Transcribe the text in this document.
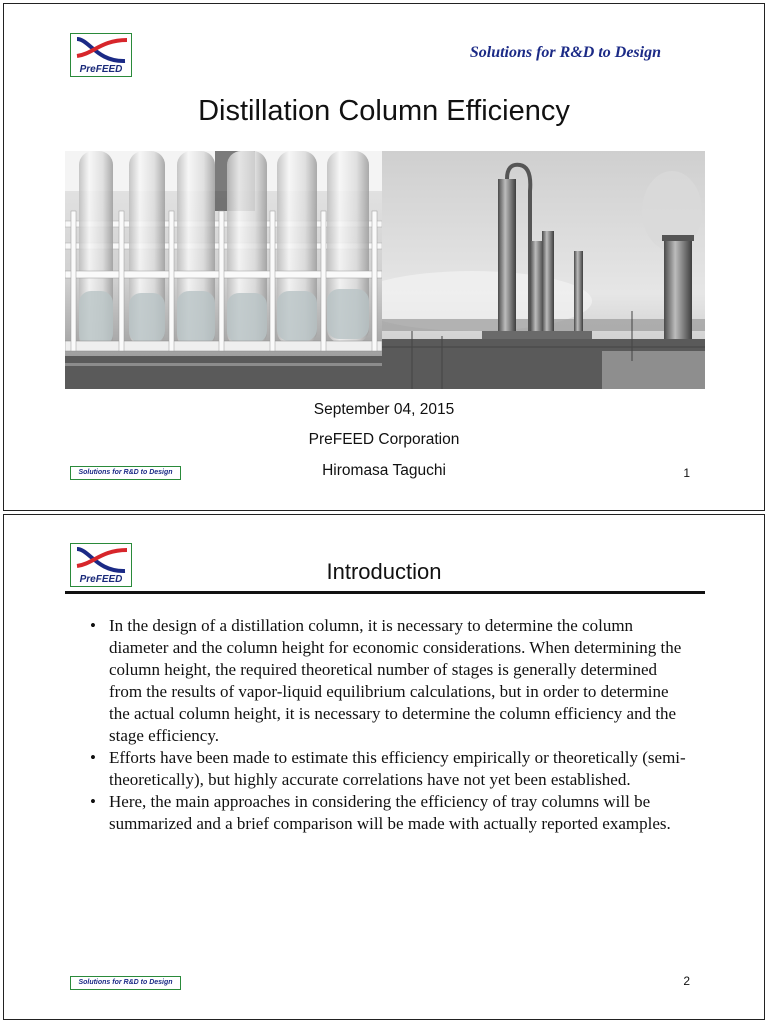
PreFEED
Solutions for R&D to Design
Distillation Column Efficiency
September 04, 2015
PreFEED Corporation
Hiromasa Taguchi
Solutions for R&D to Design	1
PreFEED	Introduction
• In the design of a distillation column, it is necessary to determine the column diameter and the column height for economic considerations. When determining the column height, the required theoretical number of stages is generally determined from the results of vapor-liquid equilibrium calculations, but in order to determine the actual column height, it is necessary to determine the column efficiency and the stage efficiency.
• Efforts have been made to estimate this efficiency empirically or theoretically (semi- theoretically), but highly accurate correlations have not yet been established.
• Here, the main approaches in considering the efficiency of tray columns will be summarized and a brief comparison will be made with actually reported examples.
Solutions for R&D to Design	2
